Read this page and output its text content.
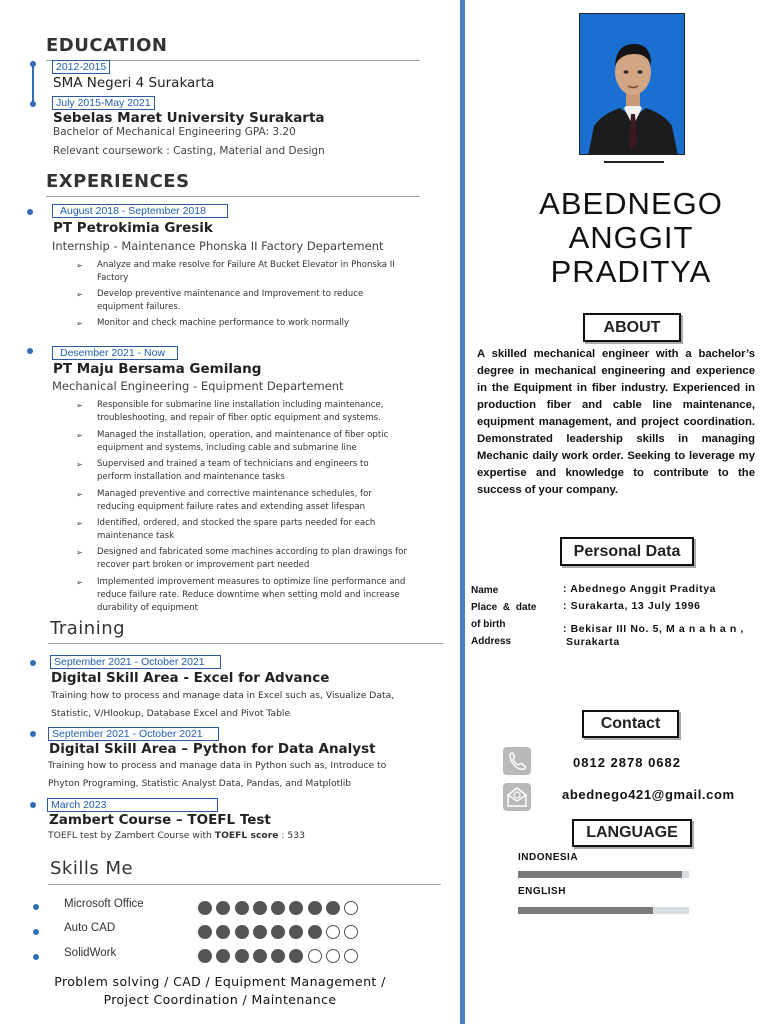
EDUCATION
2012-2015
SMA Negeri 4 Surakarta
July 2015-May 2021
Sebelas Maret University Surakarta
Bachelor of Mechanical Engineering GPA: 3.20
Relevant coursework : Casting, Material and Design
EXPERIENCES
August 2018 - September 2018
PT Petrokimia Gresik
Internship - Maintenance Phonska II Factory Departement
➢ Analyze and make resolve for Failure At Bucket Elevator in Phonska II Factory
➢ Develop preventive maintenance and Improvement to reduce equipment failures.
➢ Monitor and check machine performance to work normally
Desember 2021 - Now
PT Maju Bersama Gemilang
Mechanical Engineering - Equipment Departement
➢ Responsible for submarine line installation including maintenance, troubleshooting, and repair of fiber optic equipment and systems.
➢ Managed the installation, operation, and maintenance of fiber optic equipment and systems, including cable and submarine line
➢ Supervised and trained a team of technicians and engineers to perform installation and maintenance tasks
➢ Managed preventive and corrective maintenance schedules, for reducing equipment failure rates and extending asset lifespan
➢ Identified, ordered, and stocked the spare parts needed for each maintenance task
➢ Designed and fabricated some machines according to plan drawings for recover part broken or improvement part needed
➢ Implemented improvement measures to optimize line performance and reduce failure rate. Reduce downtime when setting mold and increase durability of equipment
Training
September 2021 - October 2021
Digital Skill Area - Excel for Advance
Training how to process and manage data in Excel such as, Visualize Data,
Statistic, V/Hlookup, Database Excel and Pivot Table
September 2021 - October 2021
Digital Skill Area – Python for Data Analyst
Training how to process and manage data in Python such as, Introduce to
Phyton Programing, Statistic Analyst Data, Pandas, and Matplotlib
March 2023
Zambert Course – TOEFL Test
TOEFL test by Zambert Course with TOEFL score : 533
Skills Me
Microsoft Office
Auto CAD
SolidWork
Problem solving / CAD / Equipment Management /
Project Coordination / Maintenance
ABEDNEGO
ANGGIT
PRADITYA
ABOUT
A skilled mechanical engineer with a bachelor’s degree in mechanical engineering and experience in the Equipment in fiber industry. Experienced in production fiber and cable line maintenance, equipment management, and project coordination. Demonstrated leadership skills in managing Mechanic daily work order. Seeking to leverage my expertise and knowledge to contribute to the success of your company.
Personal Data
Name
Place & date
of birth
Address
: Abednego Anggit Praditya
: Surakarta, 13 July 1996
: Bekisar III No. 5, M a n a h a n ,
Surakarta
Contact
0812 2878 0682
abednego421@gmail.com
LANGUAGE
INDONESIA
ENGLISH
